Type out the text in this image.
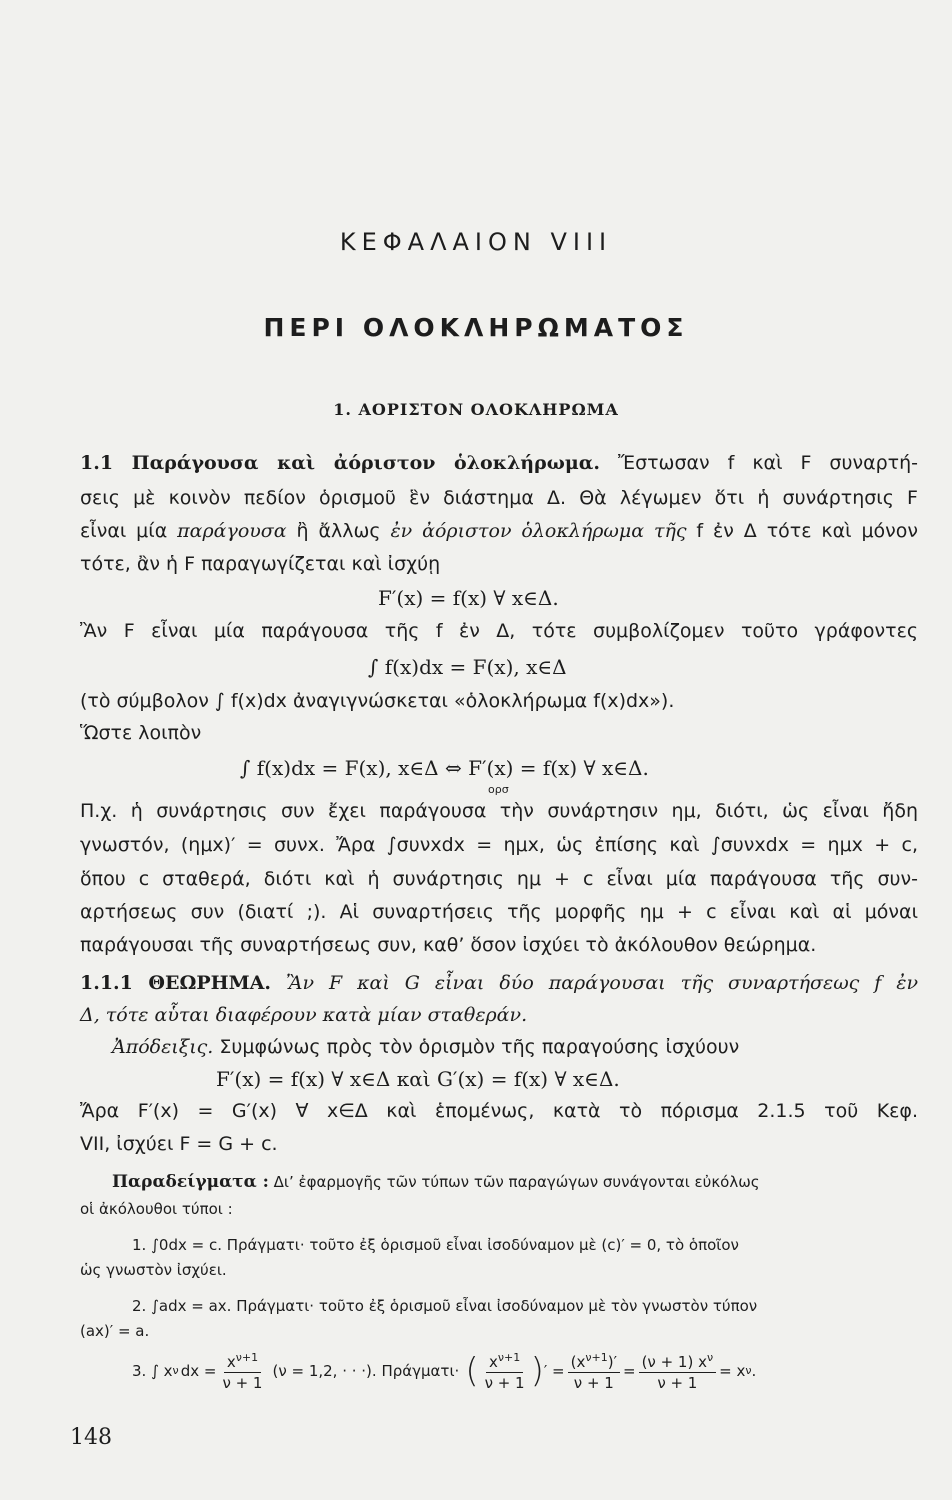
ΚΕΦΑΛΑΙΟΝ VIII
ΠΕΡΙ ΟΛΟΚΛΗΡΩΜΑΤΟΣ
1. ΑΟΡΙΣΤΟΝ ΟΛΟΚΛΗΡΩΜΑ
1.1 Παράγουσα καὶ ἀόριστον ὁλοκλήρωμα. Ἔστωσαν f καὶ F συναρτή-
σεις μὲ κοινὸν πεδίον ὁρισμοῦ ἓν διάστημα Δ. Θὰ λέγωμεν ὅτι ἡ συνάρτησις F
εἶναι μία παράγουσα ἢ ἄλλως ἐν ἀόριστον ὁλοκλήρωμα τῆς f ἐν Δ τότε καὶ μόνον
τότε, ἂν ἡ F παραγωγίζεται καὶ ἰσχύῃ
F′(x) = f(x) ∀ x∈Δ.
Ἂν F εἶναι μία παράγουσα τῆς f ἐν Δ, τότε συμβολίζομεν τοῦτο γράφοντες
∫ f(x)dx = F(x), x∈Δ
(τὸ σύμβολον ∫ f(x)dx ἀναγιγνώσκεται «ὁλοκλήρωμα f(x)dx»).
Ὥστε λοιπὸν
∫ f(x)dx = F(x), x∈Δ ⇔ F′(x) = f(x) ∀ x∈Δ.
ορσ
Π.χ. ἡ συνάρτησις συν ἔχει παράγουσα τὴν συνάρτησιν ημ, διότι, ὡς εἶναι ἤδη
γνωστόν, (ημx)′ = συνx. Ἄρα ∫συνxdx = ημx, ὡς ἐπίσης καὶ ∫συνxdx = ημx + c,
ὅπου c σταθερά, διότι καὶ ἡ συνάρτησις ημ + c εἶναι μία παράγουσα τῆς συν-
αρτήσεως συν (διατί ;). Αἱ συναρτήσεις τῆς μορφῆς ημ + c εἶναι καὶ αἱ μόναι
παράγουσαι τῆς συναρτήσεως συν, καθ’ ὅσον ἰσχύει τὸ ἀκόλουθον θεώρημα.
1.1.1 ΘΕΩΡΗΜΑ. Ἂν F καὶ G εἶναι δύο παράγουσαι τῆς συναρτήσεως f ἐν
Δ, τότε αὗται διαφέρουν κατὰ μίαν σταθεράν.
Ἀπόδειξις. Συμφώνως πρὸς τὸν ὁρισμὸν τῆς παραγούσης ἰσχύουν
F′(x) = f(x) ∀ x∈Δ καὶ G′(x) = f(x) ∀ x∈Δ.
Ἄρα F′(x) = G′(x) ∀ x∈Δ καὶ ἑπομένως, κατὰ τὸ πόρισμα 2.1.5 τοῦ Κεφ.
VII, ἰσχύει F = G + c.
Παραδείγματα : Δι’ ἐφαρμογῆς τῶν τύπων τῶν παραγώγων συνάγονται εὐκόλως
οἱ ἀκόλουθοι τύποι :
1. ∫0dx = c. Πράγματι· τοῦτο ἐξ ὁρισμοῦ εἶναι ἰσοδύναμον μὲ (c)′ = 0, τὸ ὁποῖον
ὡς γνωστὸν ἰσχύει.
2. ∫adx = ax. Πράγματι· τοῦτο ἐξ ὁρισμοῦ εἶναι ἰσοδύναμον μὲ τὸν γνωστὸν τύπον
(ax)′ = a.
3. ∫ x ν dx = $\frac{x^{\nu+1}}{\nu + 1} (\nu = 1,2$, · · ·). Πράγματι· ( $\frac{x^{\nu+1}}{\nu + 1}$ ) ′ = $\frac{(x^{\nu+1})'}{\nu + 1} = \frac{(\nu + 1) x^\nu}{\nu + 1} = x$ ν .
148
